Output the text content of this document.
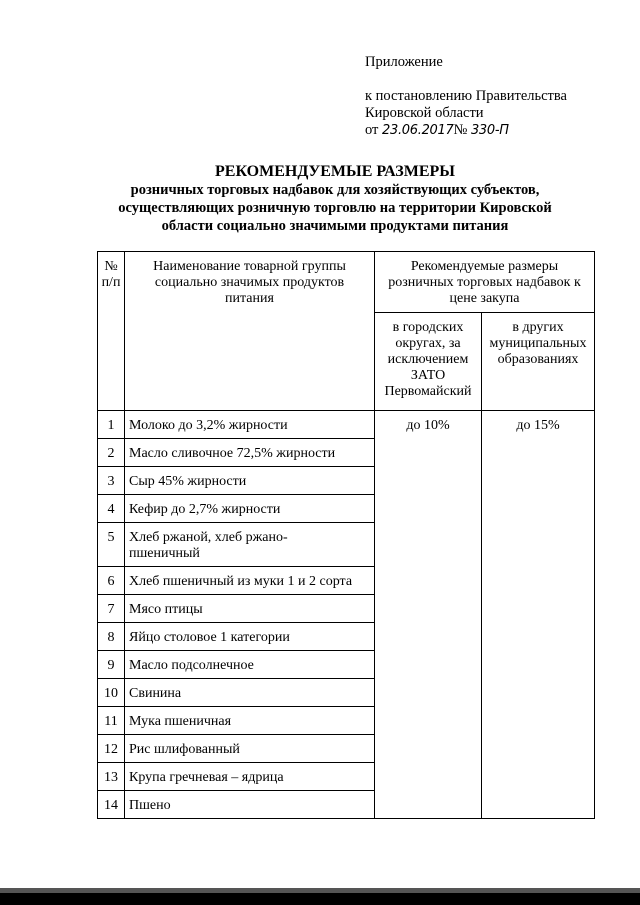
Приложение
к постановлению Правительства
Кировской области
от 23.06.2017№ 330-П
РЕКОМЕНДУЕМЫЕ РАЗМЕРЫ
розничных торговых надбавок для хозяйствующих субъектов,
осуществляющих розничную торговлю на территории Кировской
области социально значимыми продуктами питания
№ п/п	Наименование товарной группы социально значимых продуктов питания	Рекомендуемые размеры розничных торговых надбавок к цене закупа	
		в городских округах, за исключением ЗАТО Первомайский	в других муниципальных образованиях
1	Молоко до 3,2% жирности	до 10%	до 15%
2	Масло сливочное 72,5% жирности		
3	Сыр 45% жирности		
4	Кефир до 2,7% жирности		
5	Хлеб ржаной, хлеб ржано-пшеничный		
6	Хлеб пшеничный из муки 1 и 2 сорта		
7	Мясо птицы		
8	Яйцо столовое 1 категории		
9	Масло подсолнечное		
10	Свинина		
11	Мука пшеничная		
12	Рис шлифованный		
13	Крупа гречневая – ядрица		
14	Пшено		
